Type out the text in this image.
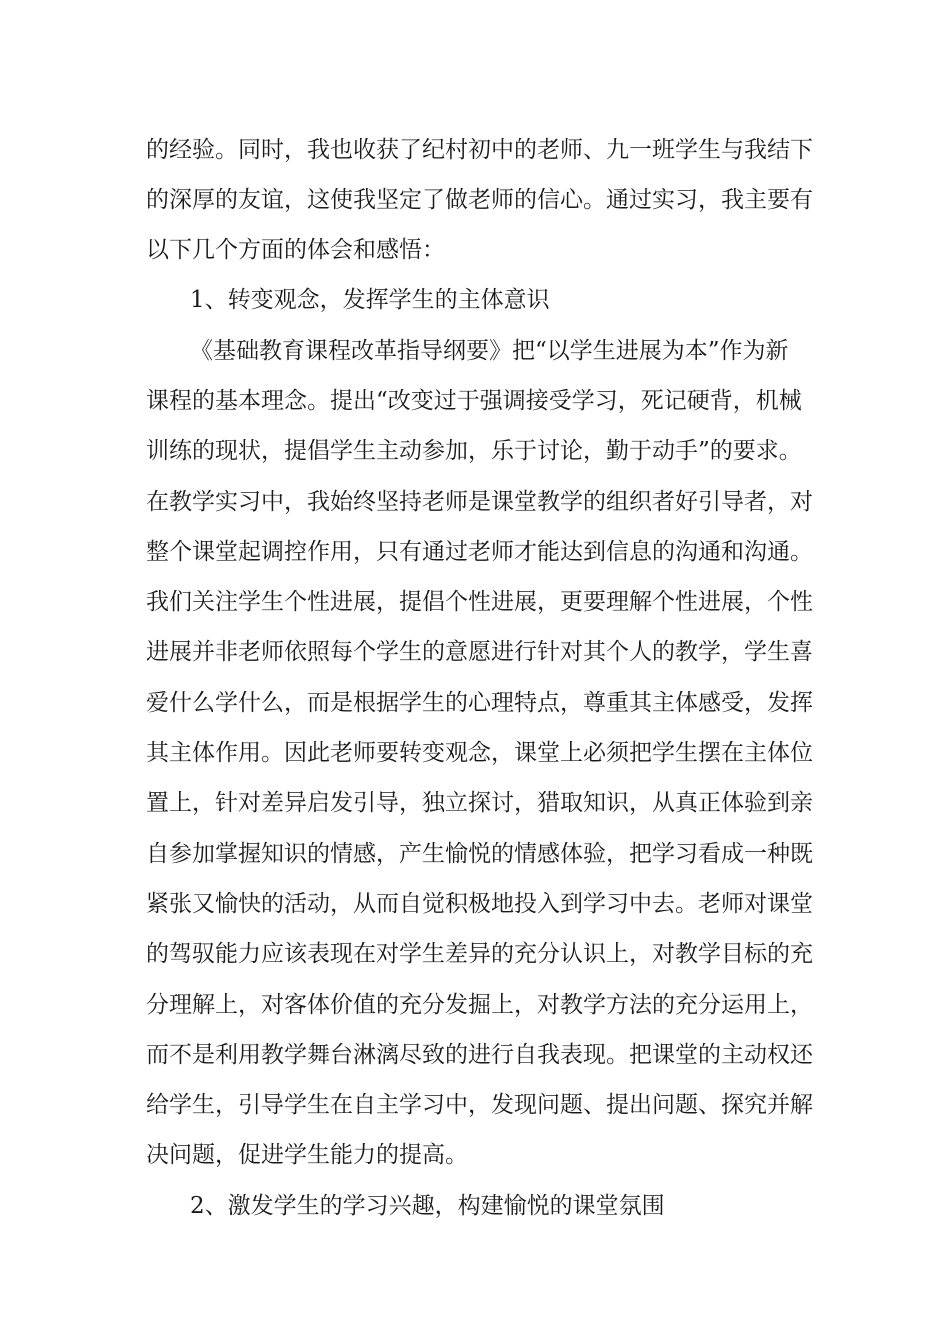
的经验。同时，我也收获了纪村初中的老师、九一班学生与我结下
的深厚的友谊，这使我坚定了做老师的信心。通过实习，我主要有
以下几个方面的体会和感悟：
1、转变观念，发挥学生的主体意识
《基础教育课程改革指导纲要》把“以学生进展为本”作为新
课程的基本理念。提出“改变过于强调接受学习，死记硬背，机械
训练的现状，提倡学生主动参加，乐于讨论，勤于动手”的要求。
在教学实习中，我始终坚持老师是课堂教学的组织者好引导者，对
整个课堂起调控作用，只有通过老师才能达到信息的沟通和沟通。
我们关注学生个性进展，提倡个性进展，更要理解个性进展，个性
进展并非老师依照每个学生的意愿进行针对其个人的教学，学生喜
爱什么学什么，而是根据学生的心理特点，尊重其主体感受，发挥
其主体作用。因此老师要转变观念，课堂上必须把学生摆在主体位
置上，针对差异启发引导，独立探讨，猎取知识，从真正体验到亲
自参加掌握知识的情感，产生愉悦的情感体验，把学习看成一种既
紧张又愉快的活动，从而自觉积极地投入到学习中去。老师对课堂
的驾驭能力应该表现在对学生差异的充分认识上，对教学目标的充
分理解上，对客体价值的充分发掘上，对教学方法的充分运用上，
而不是利用教学舞台淋漓尽致的进行自我表现。把课堂的主动权还
给学生，引导学生在自主学习中，发现问题、提出问题、探究并解
决问题，促进学生能力的提高。
2、激发学生的学习兴趣，构建愉悦的课堂氛围
